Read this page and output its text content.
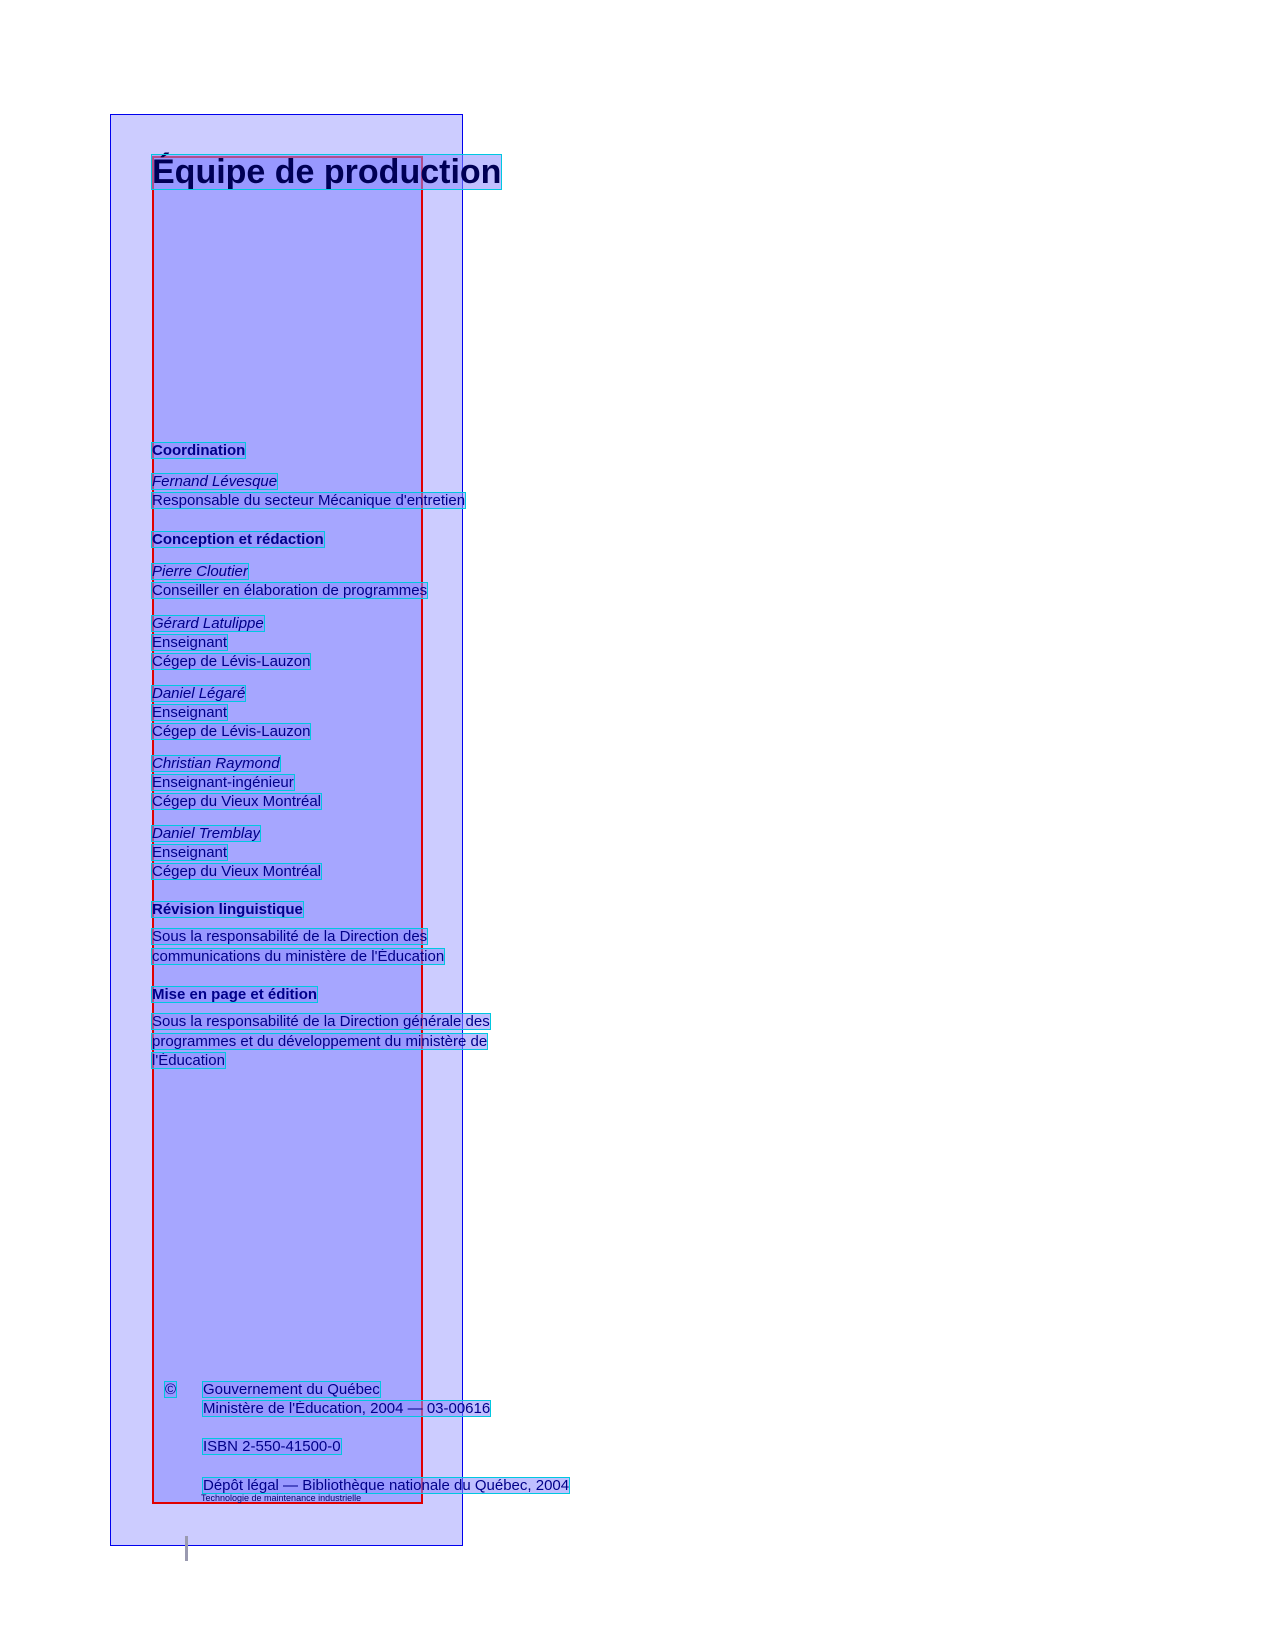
Équipe de production
Coordination
Fernand Lévesque
Responsable du secteur Mécanique d'entretien
Conception et rédaction
Pierre Cloutier
Conseiller en élaboration de programmes
Gérard Latulippe
Enseignant
Cégep de Lévis-Lauzon
Daniel Légaré
Enseignant
Cégep de Lévis-Lauzon
Christian Raymond
Enseignant-ingénieur
Cégep du Vieux Montréal
Daniel Tremblay
Enseignant
Cégep du Vieux Montréal
Révision linguistique
Sous la responsabilité de la Direction des
communications du ministère de l'Éducation
Mise en page et édition
Sous la responsabilité de la Direction générale des
programmes et du développement du ministère de
l'Éducation
© Gouvernement du Québec
Ministère de l'Éducation, 2004 — 03-00616
ISBN 2-550-41500-0
Dépôt légal — Bibliothèque nationale du Québec, 2004
Technologie de maintenance industrielle
